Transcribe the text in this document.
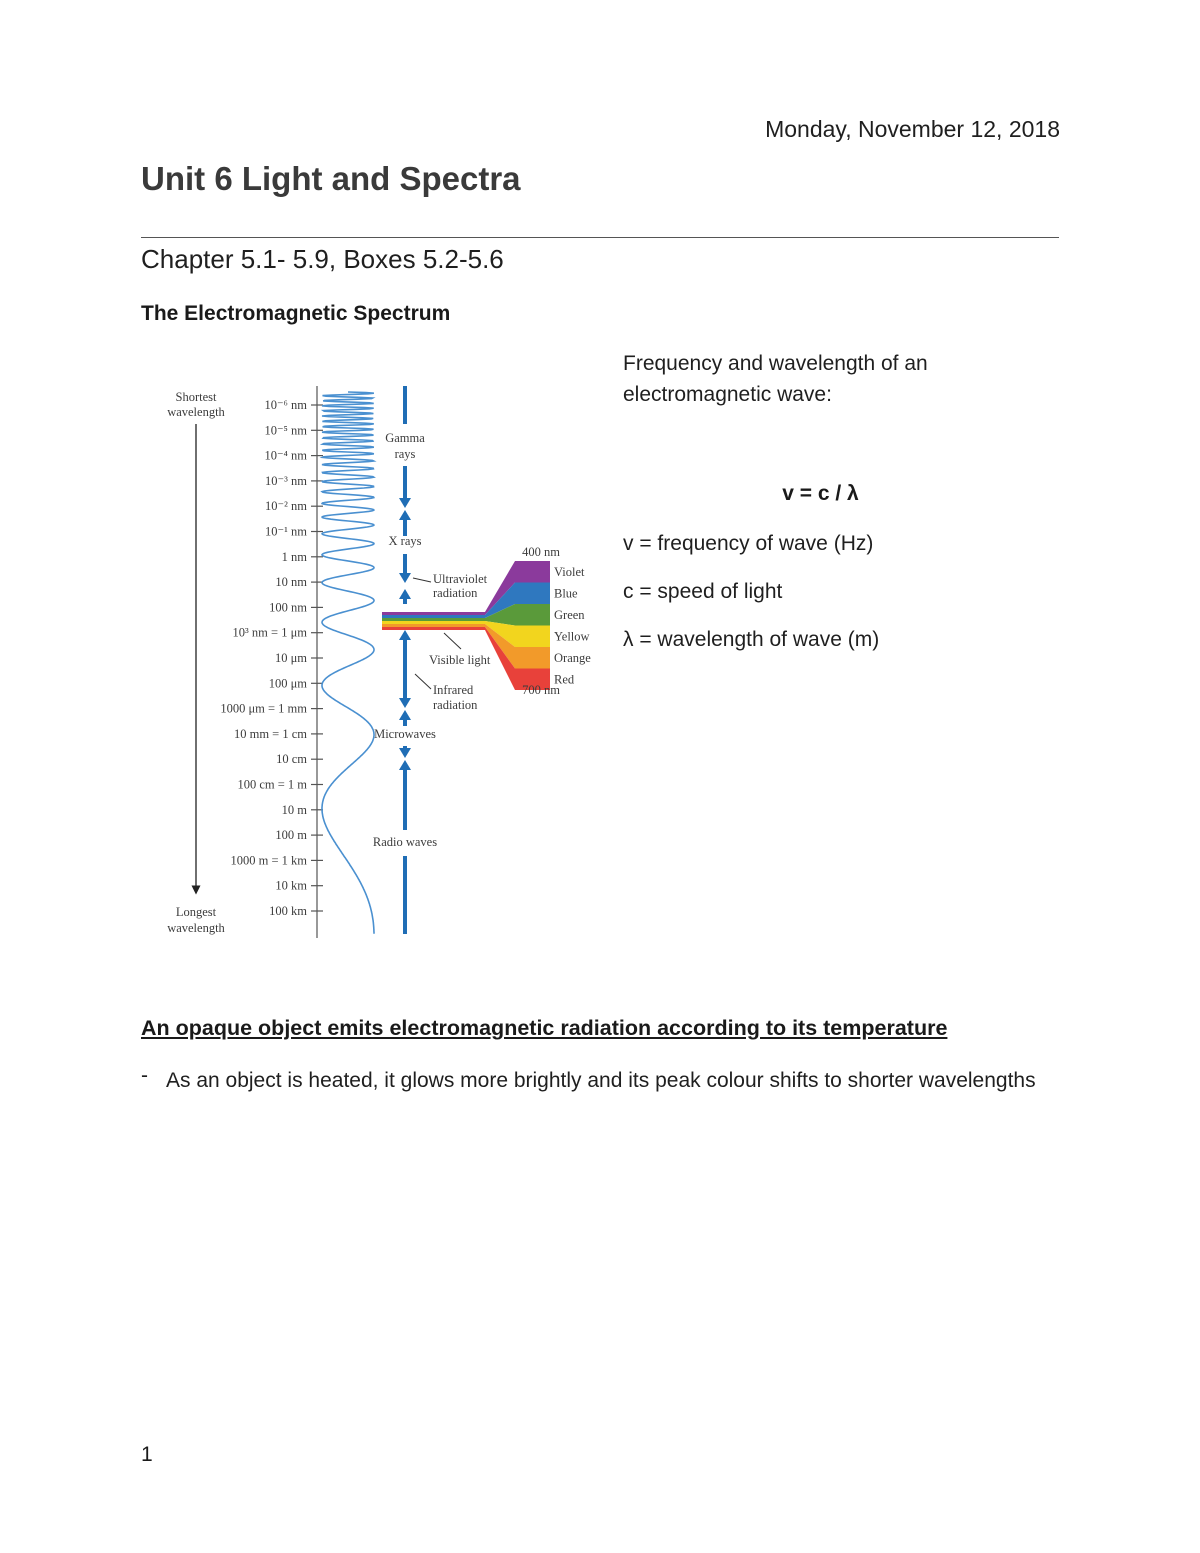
Monday, November 12, 2018
Unit 6 Light and Spectra
Chapter 5.1- 5.9, Boxes 5.2-5.6
The Electromagnetic Spectrum
Shortest
wavelength
Longest
wavelength
10⁻⁶ nm
10⁻⁵ nm
10⁻⁴ nm
10⁻³ nm
10⁻² nm
10⁻¹ nm
1 nm
10 nm
100 nm
10³ nm = 1 μm
10 μm
100 μm
1000 μm = 1 mm
10 mm = 1 cm
10 cm
100 cm = 1 m
10 m
100 m
1000 m = 1 km
10 km
100 km
Gamma
rays
X rays
Ultraviolet
radiation
Visible light
Infrared
radiation
Microwaves
Radio waves
400 nm
700 nm
Violet
Blue
Green
Yellow
Orange
Red
Frequency and wavelength of an
electromagnetic wave:
v = c / λ
v = frequency of wave (Hz)
c = speed of light
λ = wavelength of wave (m)
An opaque object emits electromagnetic radiation according to its temperature
- As an object is heated, it glows more brightly and its peak colour shifts to shorter wavelengths
1
